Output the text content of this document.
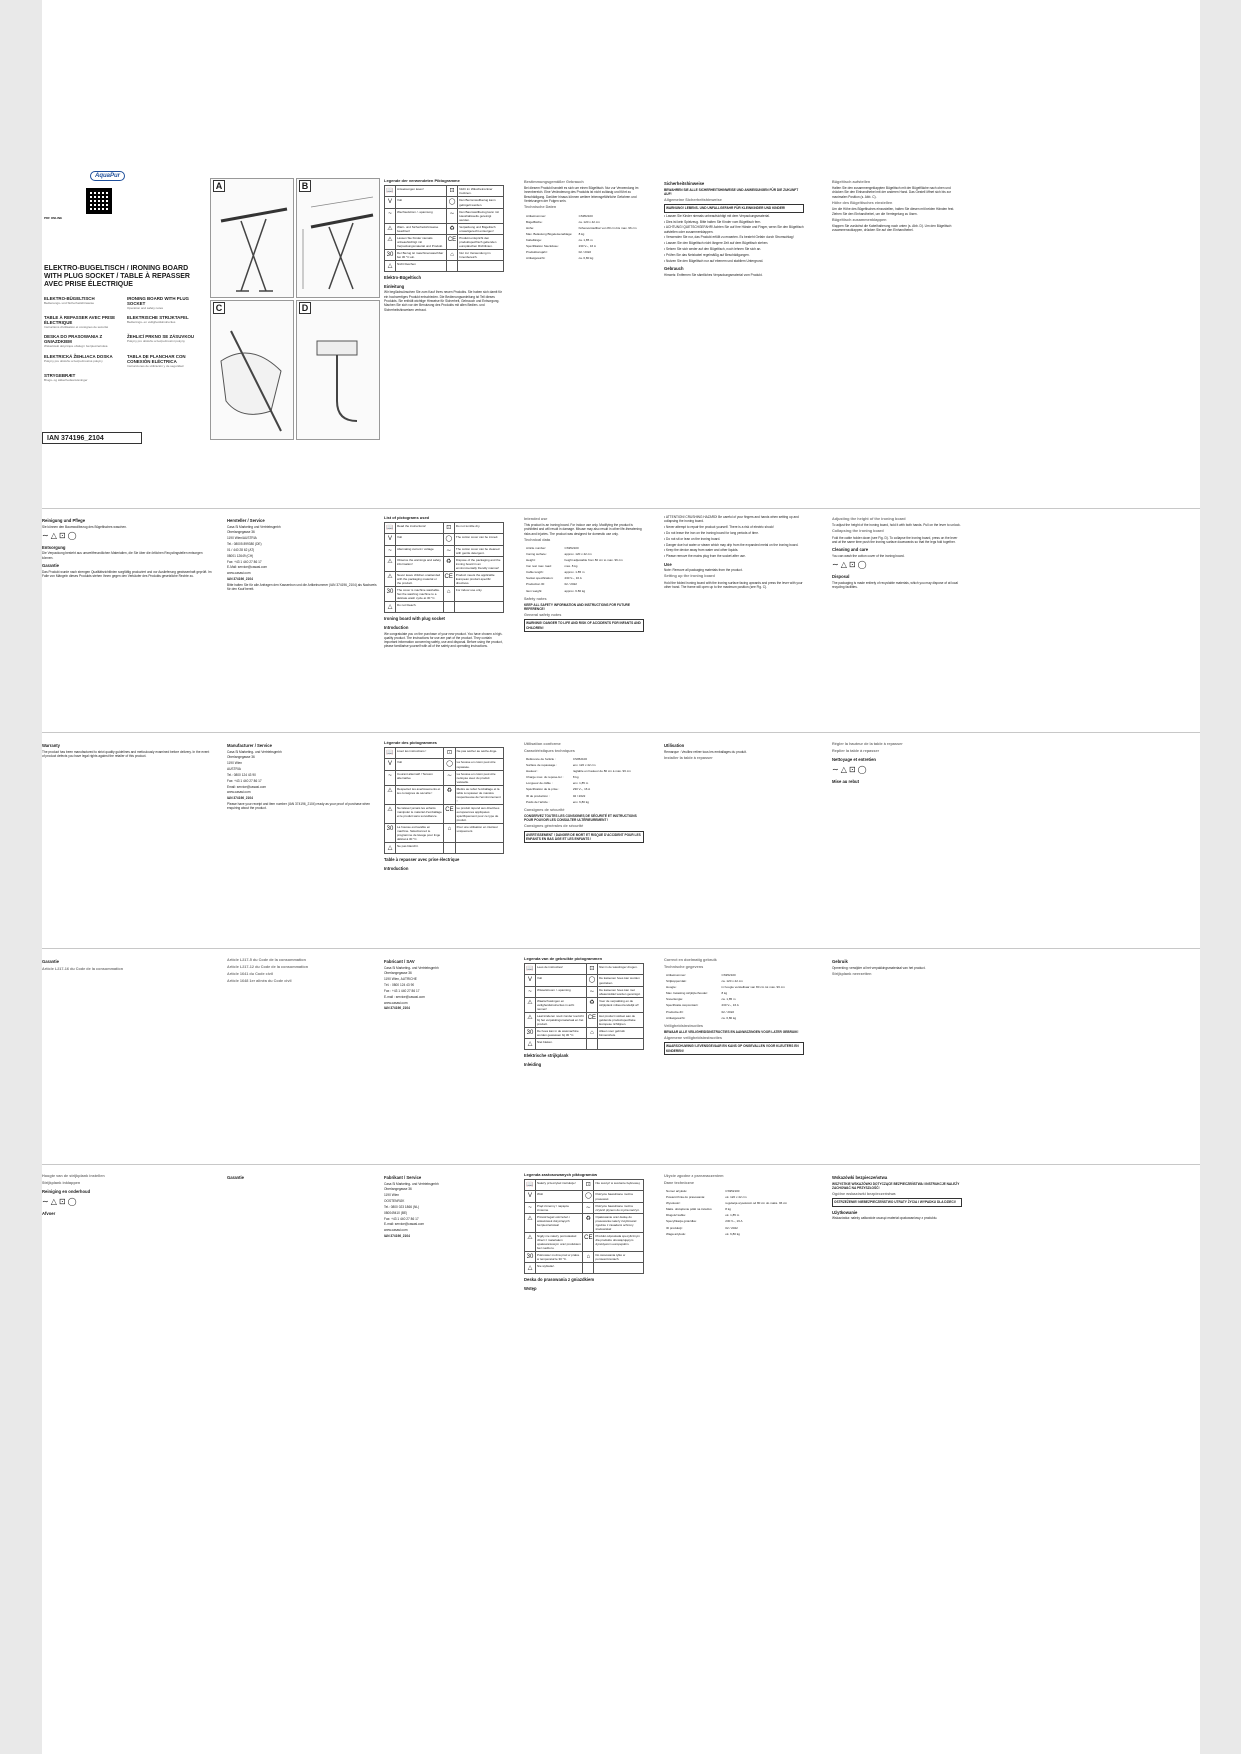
AquaPur
PDF ONLINE
ELEKTRO-BÜGELTISCH / IRONING BOARD WITH PLUG SOCKET / TABLE À REPASSER AVEC PRISE ÉLECTRIQUE
ELEKTRO-BÜGELTISCH
Bedienungs- und Sicherheitshinweise
IRONING BOARD WITH PLUG SOCKET
Operation and safety notes
TABLE À REPASSER AVEC PRISE ÉLECTRIQUE
Instructions d'utilisation et consignes de sécurité
ELEKTRISCHE STRIJKTAFEL
Bedienings- en veiligheidsinstructies
DESKA DO PRASOWANIA Z GNIAZDKIEM
Wskazówki dotyczące obsługi i bezpieczeństwa
ŽEHLICÍ PRKNO SE ZÁSUVKOU
Pokyny pro obsluhu a bezpečnostní pokyny
ELEKTRICKÁ ŽEHLIACA DOSKA
Pokyny pre obsluhu a bezpečnostné pokyny
TABLA DE PLANCHAR CON CONEXIÓN ELÉCTRICA
Instrucciones de utilización y de seguridad
STRYGEBRÆT
Brugs- og sikkerhedsanvisninger
IAN 374196_2104
A	B
C	D
Legende der verwendeten Piktogramme
📖	Anweisungen lesen!	⊡	Nicht im Wäschetrockner trocknen.
V	Volt	◯	Den Bezomwollbezug kann gebügelt werden.
~	Wechselstrom / -spannung	∼	Den Baumwollbezug kann mit Haushaltsseife gereinigt werden.
⚠	Warn- und Sicherheitshinweise beachten!	♻	Verpackung und Bügeltisch umweltgerecht entsorgen!
⚠	Lassen Sie Kinder niemals unbeaufsichtigt mit Verpackungsmaterial und Produkt.	CE	Produkt entspricht den produktspezifisch geltenden europäischen Richtlinien.
30	Der Bezug ist maschinenwaschbar bei 30 °C ein.	⌂	Nur zur Verwendung im Innenbereich.
△	Nicht bleichen		
Elektro-Bügeltisch
Einleitung

Wir beglückwünschen Sie zum Kauf Ihres neuen Produkts. Sie haben sich damit für ein hochwertiges Produkt entschieden. Die Bedienungsanleitung ist Teil dieses Produkts. Sie enthält wichtige Hinweise für Sicherheit, Gebrauch und Entsorgung. Machen Sie sich vor der Benutzung des Produkts mit allen Bedien- und Sicherheitshinweisen vertraut.

Bestimmungsgemäßer Gebrauch

Bei diesem Produkt handelt es sich um einen Bügeltisch. Nur zur Verwendung im Innenbereich. Eine Veränderung des Produkts ist nicht zulässig und führt zu Beschädigung. Darüber hinaus können weitere lebensgefährliche Gefahren und Verletzungen der Folgen sein.

Technische Daten
Artikelnummer:	CS952100
Bügelfläche:	ca. 120 x 42 cm
Höhe:	höhenverstellbar von 80 cm bis max. 96 cm
Max. Belastung Bügeleisenablage:	8 kg
Kabellänge:	ca. 1,85 m
Spezifikation Steckdose:	230 V~, 16 A
Produktionsjahr:	02 / 2022
Artikelgewicht:	ca. 6,80 kg
Sicherheitshinweise

BEWAHREN SIE ALLE SICHERHEITSHINWEISE UND ANWEISUNGEN FÜR DIE ZUKUNFT AUF!

Allgemeine Sicherheitshinweise
WARNUNG! LEBENS- UND UNFALLGEFAHR FÜR KLEINKINDER UND KINDER!

• Lassen Sie Kinder niemals unbeaufsichtigt mit dem Verpackungsmaterial.

• Dies ist kein Spielzeug. Bitte halten Sie Kinder vom Bügeltisch fern.

• ACHTUNG! QUETSCHGEFAHR! Achten Sie auf Ihre Hände und Finger, wenn Sie den Bügeltisch aufstellen oder zusammenklappen.

• Verwenden Sie nur, das Produkt erfüllt zu erwarten. Es besteht Gefahr durch Stromschlag!

• Lassen Sie den Bügeltisch nicht längere Zeit auf dem Bügeltisch stehen.

• Setzen Sie sich weder auf den Bügeltisch, noch lehnen Sie sich an.

• Prüfen Sie das Netzkabel regelmäßig auf Beschädigungen.

• Nutzen Sie den Bügeltisch nur auf ebenem und stabilem Untergrund.

Gebrauch

Hinweis: Entfernen Sie sämtliches Verpackungsmaterial vom Produkt.

Bügeltisch aufstellen

Halten Sie den zusammengeklappten Bügeltisch mit der Bügelfläche nach oben und drücken Sie den Einhandhebel mit der anderen Hand. Das Gestell öffnet sich bis zur maximalen Position (s. Abb. C).

Höhe des Bügeltisches einstellen

Um die Höhe des Bügeltisches einzustellen, halten Sie diesen mit beiden Händen fest. Ziehen Sie den Einhandhebel, um die Verriegelung zu lösen.

Bügeltisch zusammenklappen

Klappen Sie zunächst die Kabelhalterung nach unten (s. Abb. D). Um den Bügeltisch zusammenzuklappen, drücken Sie auf den Einhandhebel.

Reinigung und Pflege

Sie können den Baumwollbezug des Bügeltisches waschen.

∼ △ ⊡ ◯
Entsorgung

Die Verpackung besteht aus umweltfreundlichen Materialien, die Sie über die örtlichen Recyclingstellen entsorgen können.

Garantie

Das Produkt wurde nach strengen Qualitätsrichtlinien sorgfältig produziert und vor Auslieferung gewissenhaft geprüft. Im Falle von Mängeln dieses Produkts stehen Ihnen gegen den Verkäufer des Produkts gesetzliche Rechte zu.

Hersteller / Service

Casa Si Marketing und Vertriebsgmbh

Oberlangegasse 36

1190 Wien/AUSTRIA

Tel.: 08005 899380 (DE)

01 / 440 28 62 (AT)

08001 12649 (CH)

Fax: +43 1 440 27 86 17

E-Mail: service@casasi.com

www.casasi.com

IAN 374196_2104

Bitte halten Sie für alle Anfragen den Kassenbon und die Artikelnummer (IAN 374196_2104) als Nachweis für den Kauf bereit.

List of pictograms used
📖	Read the instructions!	⊡	Do not tumble dry.
V	Volt	◯	The cotton cover can be ironed.
~	Alternating current / voltage	∼	The cotton cover can be cleaned with gentle detergent.
⚠	Observe the warnings and safety information!	♻	Dispose of the packaging and the ironing board in an environmentally friendly manner!
⚠	Never leave children unattended with the packaging material or the product.	CE	Product meets the applicable European product-specific directives.
30	The cover is machine washable. Set the washing machine to a delicate wash cycle at 30 °C.	⌂	For indoor use only.
△	Do not bleach.		
Ironing board with plug socket
Introduction

We congratulate you on the purchase of your new product. You have chosen a high-quality product. The instructions for use are part of the product. They contain important information concerning safety, use and disposal. Before using the product, please familiarise yourself with all of the safety and operating instructions.

Intended use

This product is an ironing board. For indoor use only. Modifying the product is prohibited and will result in damage. Misuse may also result in other life-threatening risks and injuries. The product was designed for domestic use only.

Technical data
Article number:	CS952100
Ironing surface:	approx. 120 x 42 cm
Height:	height adjustable from 80 cm to max. 96 cm
Iron rest max. load:	max. 8 kg
Cable length:	approx. 1.85 m
Socket specification:	230 V~, 16 A
Production ID:	02 / 2022
Item weight:	approx. 6.80 kg
Safety notes

KEEP ALL SAFETY INFORMATION AND INSTRUCTIONS FOR FUTURE REFERENCE!

General safety notes
WARNING! DANGER TO LIFE AND RISK OF ACCIDENTS FOR INFANTS AND CHILDREN!

• ATTENTION! CRUSHING HAZARD! Be careful of your fingers and hands when setting up and collapsing the ironing board.

• Never attempt to repair the product yourself. There is a risk of electric shock!

• Do not leave the iron on the ironing board for long periods of time.

• Do not sit or lean on the ironing board.

• Danger due hot water or steam which may drip from the expanded metal on the ironing board.

• Keep the device away from water and other liquids.

• Please remove the mains plug from the socket after use.

Use

Note: Remove all packaging materials from the product.

Setting up the ironing board

Hold the folded ironing board with the ironing surface facing upwards and press the lever with your other hand. The frame will open up to the maximum position (see Fig. C).

Adjusting the height of the ironing board

To adjust the height of the ironing board, hold it with both hands. Pull on the lever to unlock.

Collapsing the ironing board

Fold the cable holder down (see Fig. D). To collapse the ironing board, press on the lever and at the same time push the ironing surface downwards so that the legs fold together.

Cleaning and care

You can wash the cotton cover of the ironing board.

∼ △ ⊡ ◯
Disposal

The packaging is made entirely of recyclable materials, which you may dispose of at local recycling facilities.

Warranty

The product has been manufactured to strict quality guidelines and meticulously examined before delivery. In the event of product defects you have legal rights against the retailer of this product.

Manufacturer / Service

Casa Si Marketing- und Vertriebsgmbh

Oberlangegasse 36

1190 Wien

AUSTRIA

Tel.: 0800 124 43 90

Fax: +43 1 440 27 86 17

Email: service@casasi.com

www.casasi.com

IAN 374196_2104

Please have your receipt and item number (IAN 374196_2104) ready as your proof of purchase when enquiring about the product.

Légende des pictogrammes
📖	Lisez les instructions !	⊡	Ne pas sécher au sèche-linge.
V	Volt	◯	La housse en coton peut être repassée.
~	Courant alternatif / Tension alternative	∼	La housse en coton peut être nettoyée avec du produit vaisselle.
⚠	Respectez les avertissements et les consignes de sécurité !	♻	Mettre au rebut l'emballage et la table à repasser de manière respectueuse de l'environnement !
⚠	Ne laissez jamais les enfants manipuler le matériel d'emballage et le produit sans surveillance.	CE	Le produit répond aux directives européennes appliquées spécifiquement pour ce type de produit.
30	La housse est lavable en machine. Sélectionnez le programme de lavage pour linge délicat à 30 °C.	⌂	Pour une utilisation en intérieur uniquement.
△	Ne pas blanchir.		
Table à repasser avec prise électrique
Introduction
Utilisation conforme
Caractéristiques techniques
Référence de l'article :	CS952100
Surface de repassage :	env. 120 x 42 cm
Hauteur :	réglable en hauteur de 80 cm à max. 96 cm
Charge max. du repose-fer :	8 kg
Longueur de câble :	env. 1,85 m
Spécification de la prise :	230 V~, 16 A
ID de production :	02 / 2022
Poids de l'article :	env. 6,80 kg
Consignes de sécurité

CONSERVEZ TOUTES LES CONSIGNES DE SÉCURITÉ ET INSTRUCTIONS POUR POUVOIR LES CONSULTER ULTÉRIEUREMENT !

Consignes générales de sécurité
AVERTISSEMENT ! DANGER DE MORT ET RISQUE D'ACCIDENT POUR LES ENFANTS EN BAS ÂGE ET LES ENFANTS !
Utilisation

Remarque : Veuillez retirer tous les emballages du produit.

Installer la table à repasser
Régler la hauteur de la table à repasser
Replier la table à repasser
Nettoyage et entretien
∼ △ ⊡ ◯
Mise au rebut
Garantie
Article L217-16 du Code de la consommation
Article L217-5 du Code de la consommation
Article L217-12 du Code de la consommation
Article 1641 du Code civil
Article 1648 1er alinéa du Code civil
Fabricant / SAV

Casa Si Marketing- und Vertriebsgmbh

Oberlangegasse 36

1190 Wien, AUTRICHE

Tél. : 0800 124 43 90

Fax : +43 1 440 27 86 17

E-mail : service@casasi.com

www.casasi.com

IAN 374196_2104

Legenda van de gebruikte pictogrammen
📖	Lees de instructies!	⊡	Niet in de wasdroger drogen.
V	Volt	◯	De katoenen hoes kan worden gestreken.
~	Wisselstroom / -spanning	∼	De katoenen hoes kan met afwasmiddel worden gereinigd.
⚠	Waarschuwingen en veiligheidsinstructies in acht nemen!	♻	Voer de verpakking en de strijkplank milieuvriendelijk af!
⚠	Laat kinderen nooit zonder toezicht bij het verpakkingsmateriaal en het product.	CE	Het product voldoet aan de geldende productspecifieke Europese richtlijnen.
30	De hoes kan in de wasmachine worden gewassen bij 30 °C.	⌂	Alleen voor gebruik binnenshuis.
△	Niet bleken.		
Elektrische strijkplank
Inleiding
Correct en doelmatig gebruik
Technische gegevens
Artikelnummer:	CS952100
Strijkoppervlak:	ca. 120 x 42 cm
Hoogte:	in hoogte verstelbaar van 80 cm tot max. 96 cm
Max. belasting strijkijzerhouder:	8 kg
Snoerlengte:	ca. 1,85 m
Specificatie stopcontact:	230 V~, 16 A
Productie-ID:	02 / 2022
Artikelgewicht:	ca. 6,80 kg
Veiligheidsinstructies

BEWAAR ALLE VEILIGHEIDSINSTRUCTIES EN AANWIJZINGEN VOOR LATER GEBRUIK!

Algemene veiligheidsinstructies
WAARSCHUWING! LEVENSGEVAAR EN KANS OP ONGEVALLEN VOOR KLEUTERS EN KINDEREN!
Gebruik

Opmerking: verwijder al het verpakkingsmateriaal van het product.

Strijkplank neerzetten
Hoogte van de strijkplank instellen
Strijkplank inklappen
Reiniging en onderhoud
∼ △ ⊡ ◯
Afvoer
Garantie	Fabrikant / Service

Casa Si Marketing- und Vertriebsgmbh

Oberlangegasse 36

1190 Wien

OOSTENRIJK

Tel.: 0800 023 1866 (NL)

080049410 (BE)

Fax: +43 1 440 27 86 17

E-mail: service@casasi.com

www.casasi.com

IAN 374196_2104

Legenda zastosowanych piktogramów
📖	Należy przeczytać instrukcje!	⊡	Nie suszyć w suszarce bębnowej.
V	Wolt	◯	Pokrycie bawełniane można prasować.
~	Prąd zmienny / napięcie zmienne	∼	Pokrycie bawełniane można czyścić płynem do mycia naczyń.
⚠	Przestrzegać ostrzeżeń i wskazówek dotyczących bezpieczeństwa!	♻	Opakowanie oraz deskę do prasowania należy zutylizować zgodnie z zasadami ochrony środowiska!
⚠	Nigdy nie należy pozostawiać dzieci z materiałem opakowaniowym oraz produktem bez nadzoru.	CE	Produkt odpowiada specyficznym dla produktu obowiązującym dyrektywom europejskim.
30	Pokrowiec można prać w pralce w temperaturze 30 °C.	⌂	Do stosowania tylko w pomieszczeniach.
△	Nie wybielać.		
Deska do prasowania z gniazdkiem
Wstęp
Użycie zgodne z przeznaczeniem
Dane techniczne
Numer artykułu:	CS952100
Powierzchnia do prasowania:	ok. 120 x 42 cm
Wysokość:	regulacja wysokości od 80 cm do maks. 96 cm
Maks. obciążenie półki na żelazko:	8 kg
Długość kabla:	ok. 1,85 m
Specyfikacja gniazdka:	230 V~, 16 A
ID produkcji:	02 / 2022
Waga artykułu:	ok. 6,80 kg
Wskazówki bezpieczeństwa

WSZYSTKIE WSKAZÓWKI DOTYCZĄCE BEZPIECZEŃSTWA I INSTRUKCJE NALEŻY ZACHOWAĆ NA PRZYSZŁOŚĆ!

Ogólne wskazówki bezpieczeństwa
OSTRZEŻENIE! NIEBEZPIECZEŃSTWO UTRATY ŻYCIA I WYPADKU DLA DZIECI!
Użytkowanie

Wskazówka: należy całkowicie usunąć materiał opakowaniowy z produktu.
